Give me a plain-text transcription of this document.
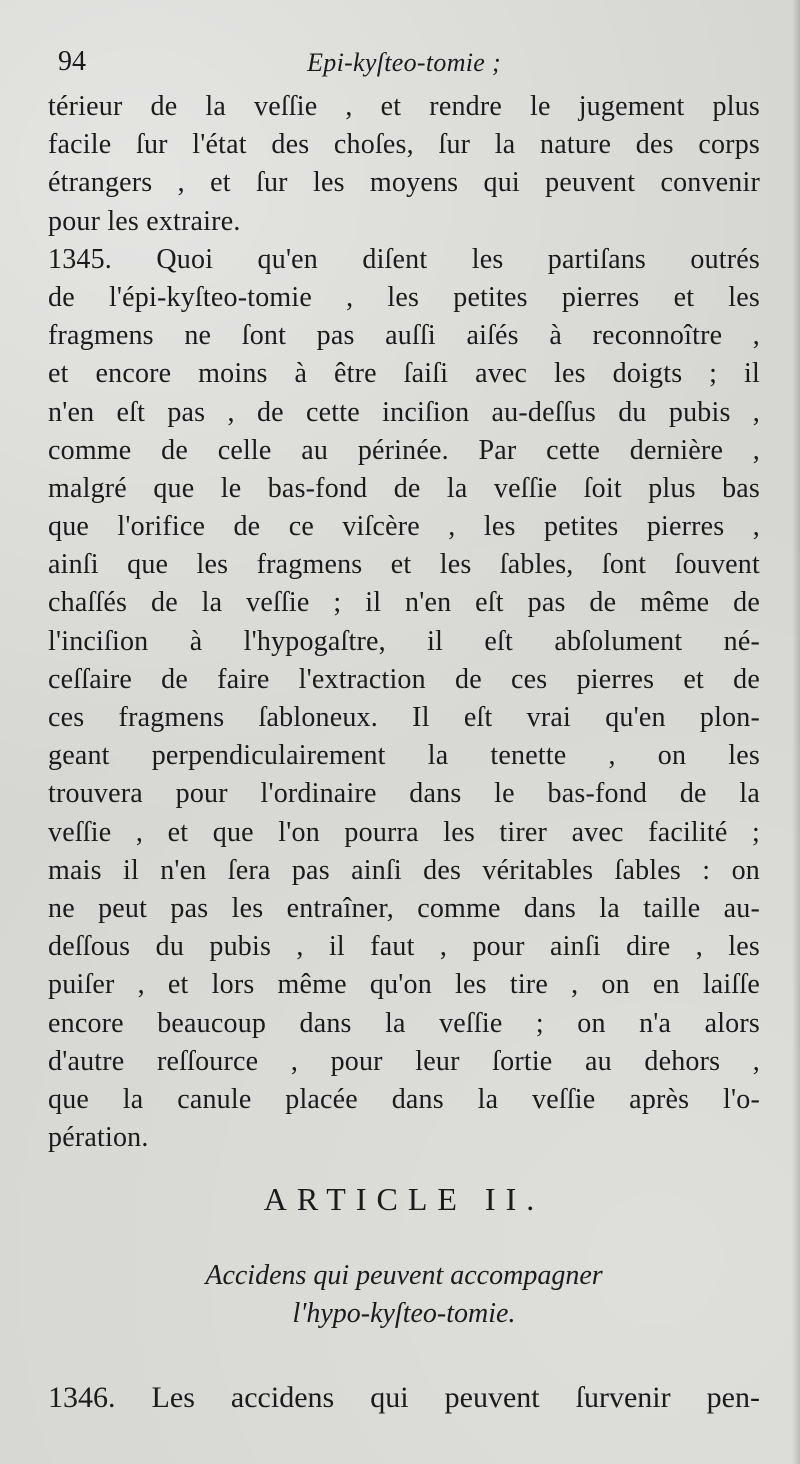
94	Epi-kyſteo-tomie ;
térieur de la veſſie , et rendre le jugement plus
facile ſur l'état des choſes, ſur la nature des corps
étrangers , et ſur les moyens qui peuvent convenir
pour les extraire.
1345. Quoi qu'en diſent les partiſans outrés
de l'épi-kyſteo-tomie , les petites pierres et les
fragmens ne ſont pas auſſi aiſés à reconnoître ,
et encore moins à être ſaiſi avec les doigts ; il
n'en eſt pas , de cette inciſion au-deſſus du pubis ,
comme de celle au périnée. Par cette dernière ,
malgré que le bas-fond de la veſſie ſoit plus bas
que l'orifice de ce viſcère , les petites pierres ,
ainſi que les fragmens et les ſables, ſont ſouvent
chaſſés de la veſſie ; il n'en eſt pas de même de
l'inciſion à l'hypogaſtre, il eſt abſolument né-
ceſſaire de faire l'extraction de ces pierres et de
ces fragmens ſabloneux. Il eſt vrai qu'en plon-
geant perpendiculairement la tenette , on les
trouvera pour l'ordinaire dans le bas-fond de la
veſſie , et que l'on pourra les tirer avec facilité ;
mais il n'en ſera pas ainſi des véritables ſables : on
ne peut pas les entraîner, comme dans la taille au-
deſſous du pubis , il faut , pour ainſi dire , les
puiſer , et lors même qu'on les tire , on en laiſſe
encore beaucoup dans la veſſie ; on n'a alors
d'autre reſſource , pour leur ſortie au dehors ,
que la canule placée dans la veſſie après l'o-
pération.
ARTICLE II.
Accidens qui peuvent accompagner
l'hypo-kyſteo-tomie.
1346. Les accidens qui peuvent ſurvenir pen-
